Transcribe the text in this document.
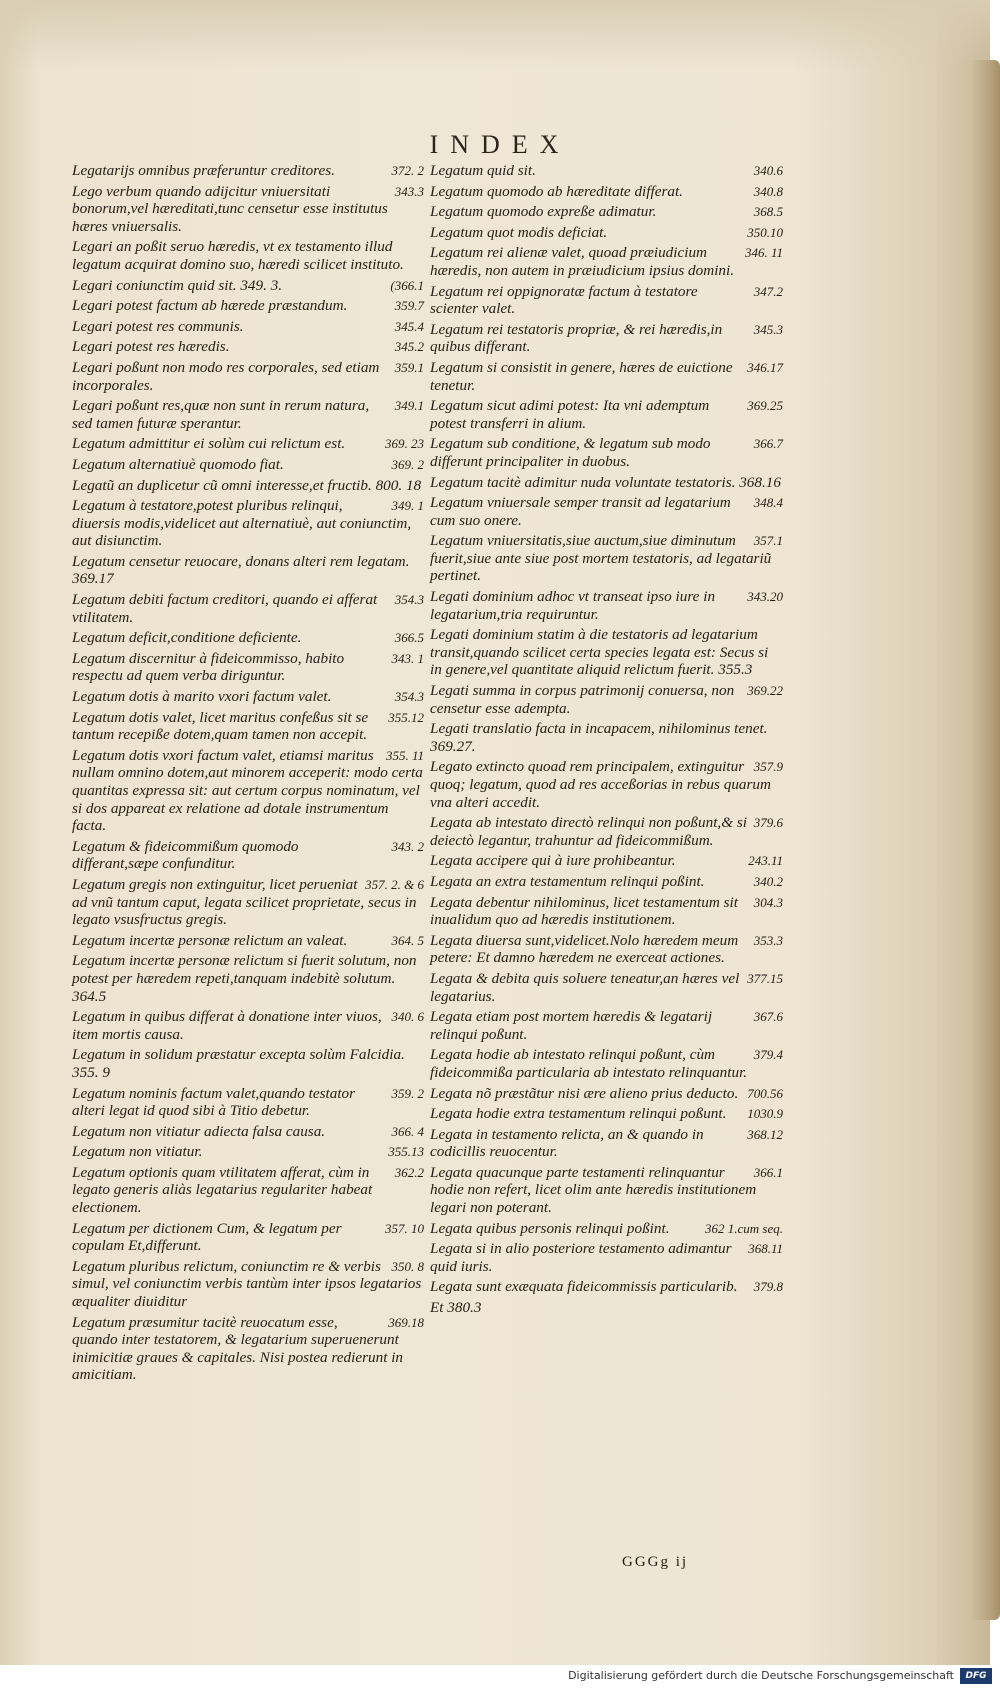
INDEX
372. 2
Legatarijs omnibus præferuntur creditores.
343.3
Lego verbum quando adijcitur vniuersitati bonorum,vel hæreditati,tunc censetur esse institutus hæres vniuersalis.
Legari an poßit seruo hæredis, vt ex testamento illud legatum acquirat domino suo, hæredi scilicet instituto.
(366.1
Legari coniunctim quid sit. 349. 3.
359.7
Legari potest factum ab hærede præstandum.
345.4
Legari potest res communis.
345.2
Legari potest res hæredis.
359.1
Legari poßunt non modo res corporales, sed etiam incorporales.
349.1
Legari poßunt res,quæ non sunt in rerum natura, sed tamen futuræ sperantur.
369. 23
Legatum admittitur ei solùm cui relictum est.
369. 2
Legatum alternatiuè quomodo fiat.
Legatũ an duplicetur cũ omni interesse,et fructib. 800. 18
349. 1
Legatum à testatore,potest pluribus relinqui, diuersis modis,videlicet aut alternatiuè, aut coniunctim, aut disiunctim.
Legatum censetur reuocare, donans alteri rem legatam. 369.17
354.3
Legatum debiti factum creditori, quando ei afferat vtilitatem.
366.5
Legatum deficit,conditione deficiente.
343. 1
Legatum discernitur à fideicommisso, habito respectu ad quem verba diriguntur.
354.3
Legatum dotis à marito vxori factum valet.
355.12
Legatum dotis valet, licet maritus confeßus sit se tantum recepiße dotem,quam tamen non accepit.
355. 11
Legatum dotis vxori factum valet, etiamsi maritus nullam omnino dotem,aut minorem acceperit: modo certa quantitas expressa sit: aut certum corpus nominatum, vel si dos appareat ex relatione ad dotale instrumentum facta.
343. 2
Legatum & fideicommißum quomodo differant,sæpe confunditur.
357. 2. & 6
Legatum gregis non extinguitur, licet perueniat ad vnũ tantum caput, legata scilicet proprietate, secus in legato vsusfructus gregis.
364. 5
Legatum incertæ personæ relictum an valeat.
Legatum incertæ personæ relictum si fuerit solutum, non potest per hæredem repeti,tanquam indebitè solutum. 364.5
340. 6
Legatum in quibus differat à donatione inter viuos, item mortis causa.
Legatum in solidum præstatur excepta solùm Falcidia. 355. 9
359. 2
Legatum nominis factum valet,quando testator alteri legat id quod sibi à Titio debetur.
366. 4
Legatum non vitiatur adiecta falsa causa.
355.13
Legatum non vitiatur.
362.2
Legatum optionis quam vtilitatem afferat, cùm in legato generis aliàs legatarius regulariter habeat electionem.
357. 10
Legatum per dictionem Cum, & legatum per copulam Et,differunt.
350. 8
Legatum pluribus relictum, coniunctim re & verbis simul, vel coniunctim verbis tantùm inter ipsos legatarios æqualiter diuiditur
369.18
Legatum præsumitur tacitè reuocatum esse, quando inter testatorem, & legatarium superuenerunt inimicitiæ graues & capitales. Nisi postea redierunt in amicitiam.
340.6
Legatum quid sit.
340.8
Legatum quomodo ab hæreditate differat.
368.5
Legatum quomodo expreße adimatur.
350.10
Legatum quot modis deficiat.
346. 11
Legatum rei alienæ valet, quoad præiudicium hæredis, non autem in præiudicium ipsius domini.
347.2
Legatum rei oppignoratæ factum à testatore scienter valet.
345.3
Legatum rei testatoris propriæ, & rei hæredis,in quibus differant.
346.17
Legatum si consistit in genere, hæres de euictione tenetur.
369.25
Legatum sicut adimi potest: Ita vni ademptum potest transferri in alium.
366.7
Legatum sub conditione, & legatum sub modo differunt principaliter in duobus.
Legatum tacitè adimitur nuda voluntate testatoris. 368.16
348.4
Legatum vniuersale semper transit ad legatarium cum suo onere.
357.1
Legatum vniuersitatis,siue auctum,siue diminutum fuerit,siue ante siue post mortem testatoris, ad legatariũ pertinet.
343.20
Legati dominium adhoc vt transeat ipso iure in legatarium,tria requiruntur.
Legati dominium statim à die testatoris ad legatarium transit,quando scilicet certa species legata est: Secus si in genere,vel quantitate aliquid relictum fuerit. 355.3
369.22
Legati summa in corpus patrimonij conuersa, non censetur esse adempta.
Legati translatio facta in incapacem, nihilominus tenet. 369.27.
357.9
Legato extincto quoad rem principalem, extinguitur quoq; legatum, quod ad res acceßorias in rebus quarum vna alteri accedit.
379.6
Legata ab intestato directò relinqui non poßunt,& si deiectò legantur, trahuntur ad fideicommißum.
243.11
Legata accipere qui à iure prohibeantur.
340.2
Legata an extra testamentum relinqui poßint.
304.3
Legata debentur nihilominus, licet testamentum sit inualidum quo ad hæredis institutionem.
353.3
Legata diuersa sunt,videlicet.Nolo hæredem meum petere: Et damno hæredem ne exerceat actiones.
377.15
Legata & debita quis soluere teneatur,an hæres vel legatarius.
367.6
Legata etiam post mortem hæredis & legatarij relinqui poßunt.
379.4
Legata hodie ab intestato relinqui poßunt, cùm fideicommißa particularia ab intestato relinquantur.
700.56
Legata nõ præstãtur nisi ære alieno prius deducto.
1030.9
Legata hodie extra testamentum relinqui poßunt.
368.12
Legata in testamento relicta, an & quando in codicillis reuocentur.
366.1
Legata quacunque parte testamenti relinquantur hodie non refert, licet olim ante hæredis institutionem legari non poterant.
362 1.cum seq.
Legata quibus personis relinqui poßint.
368.11
Legata si in alio posteriore testamento adimantur quid iuris.
379.8
Legata sunt exæquata fideicommissis particularib.
Et 380.3
GGGg ij
Digitalisierung gefördert durch die Deutsche Forschungsgemeinschaft	DFG
